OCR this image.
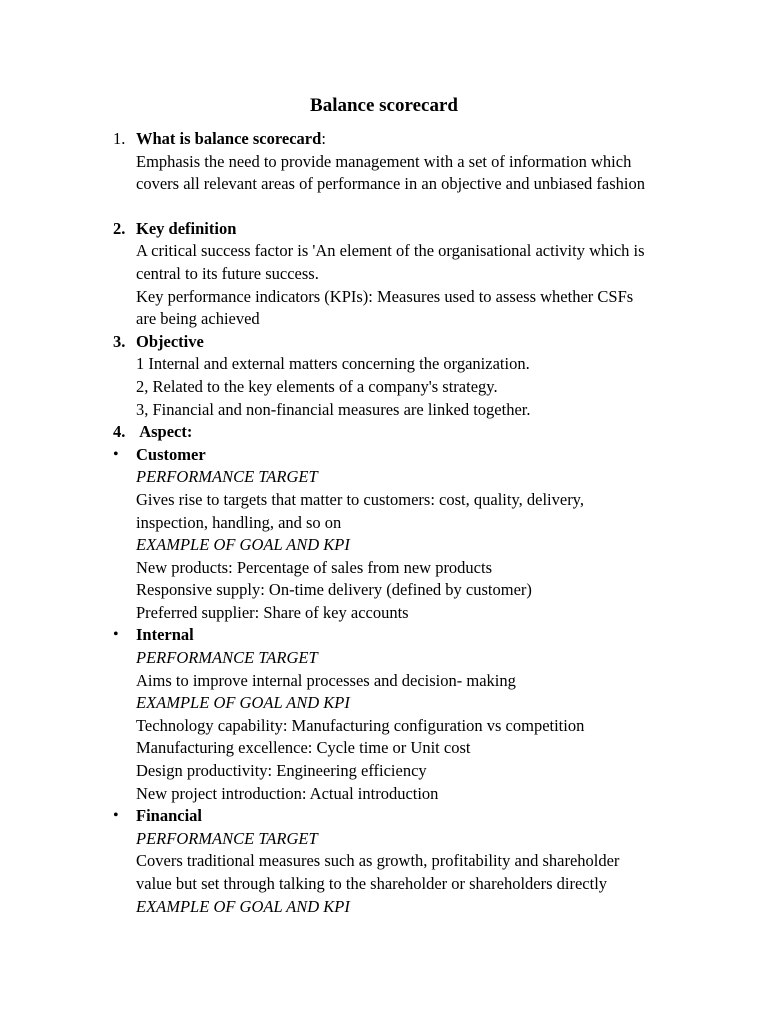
Balance scorecard
1. What is balance scorecard:
Emphasis the need to provide management with a set of information which
covers all relevant areas of performance in an objective and unbiased fashion
2. Key definition
A critical success factor is 'An element of the organisational activity which is
central to its future success.
Key performance indicators (KPIs): Measures used to assess whether CSFs
are being achieved
3. Objective
1 Internal and external matters concerning the organization.
2, Related to the key elements of a company's strategy.
3, Financial and non-financial measures are linked together.
4. Aspect:
• Customer
PERFORMANCE TARGET
Gives rise to targets that matter to customers: cost, quality, delivery,
inspection, handling, and so on
EXAMPLE OF GOAL AND KPI
New products: Percentage of sales from new products
Responsive supply: On-time delivery (defined by customer)
Preferred supplier: Share of key accounts
• Internal
PERFORMANCE TARGET
Aims to improve internal processes and decision- making
EXAMPLE OF GOAL AND KPI
Technology capability: Manufacturing configuration vs competition
Manufacturing excellence: Cycle time or Unit cost
Design productivity: Engineering efficiency
New project introduction: Actual introduction
• Financial
PERFORMANCE TARGET
Covers traditional measures such as growth, profitability and shareholder
value but set through talking to the shareholder or shareholders directly
EXAMPLE OF GOAL AND KPI
